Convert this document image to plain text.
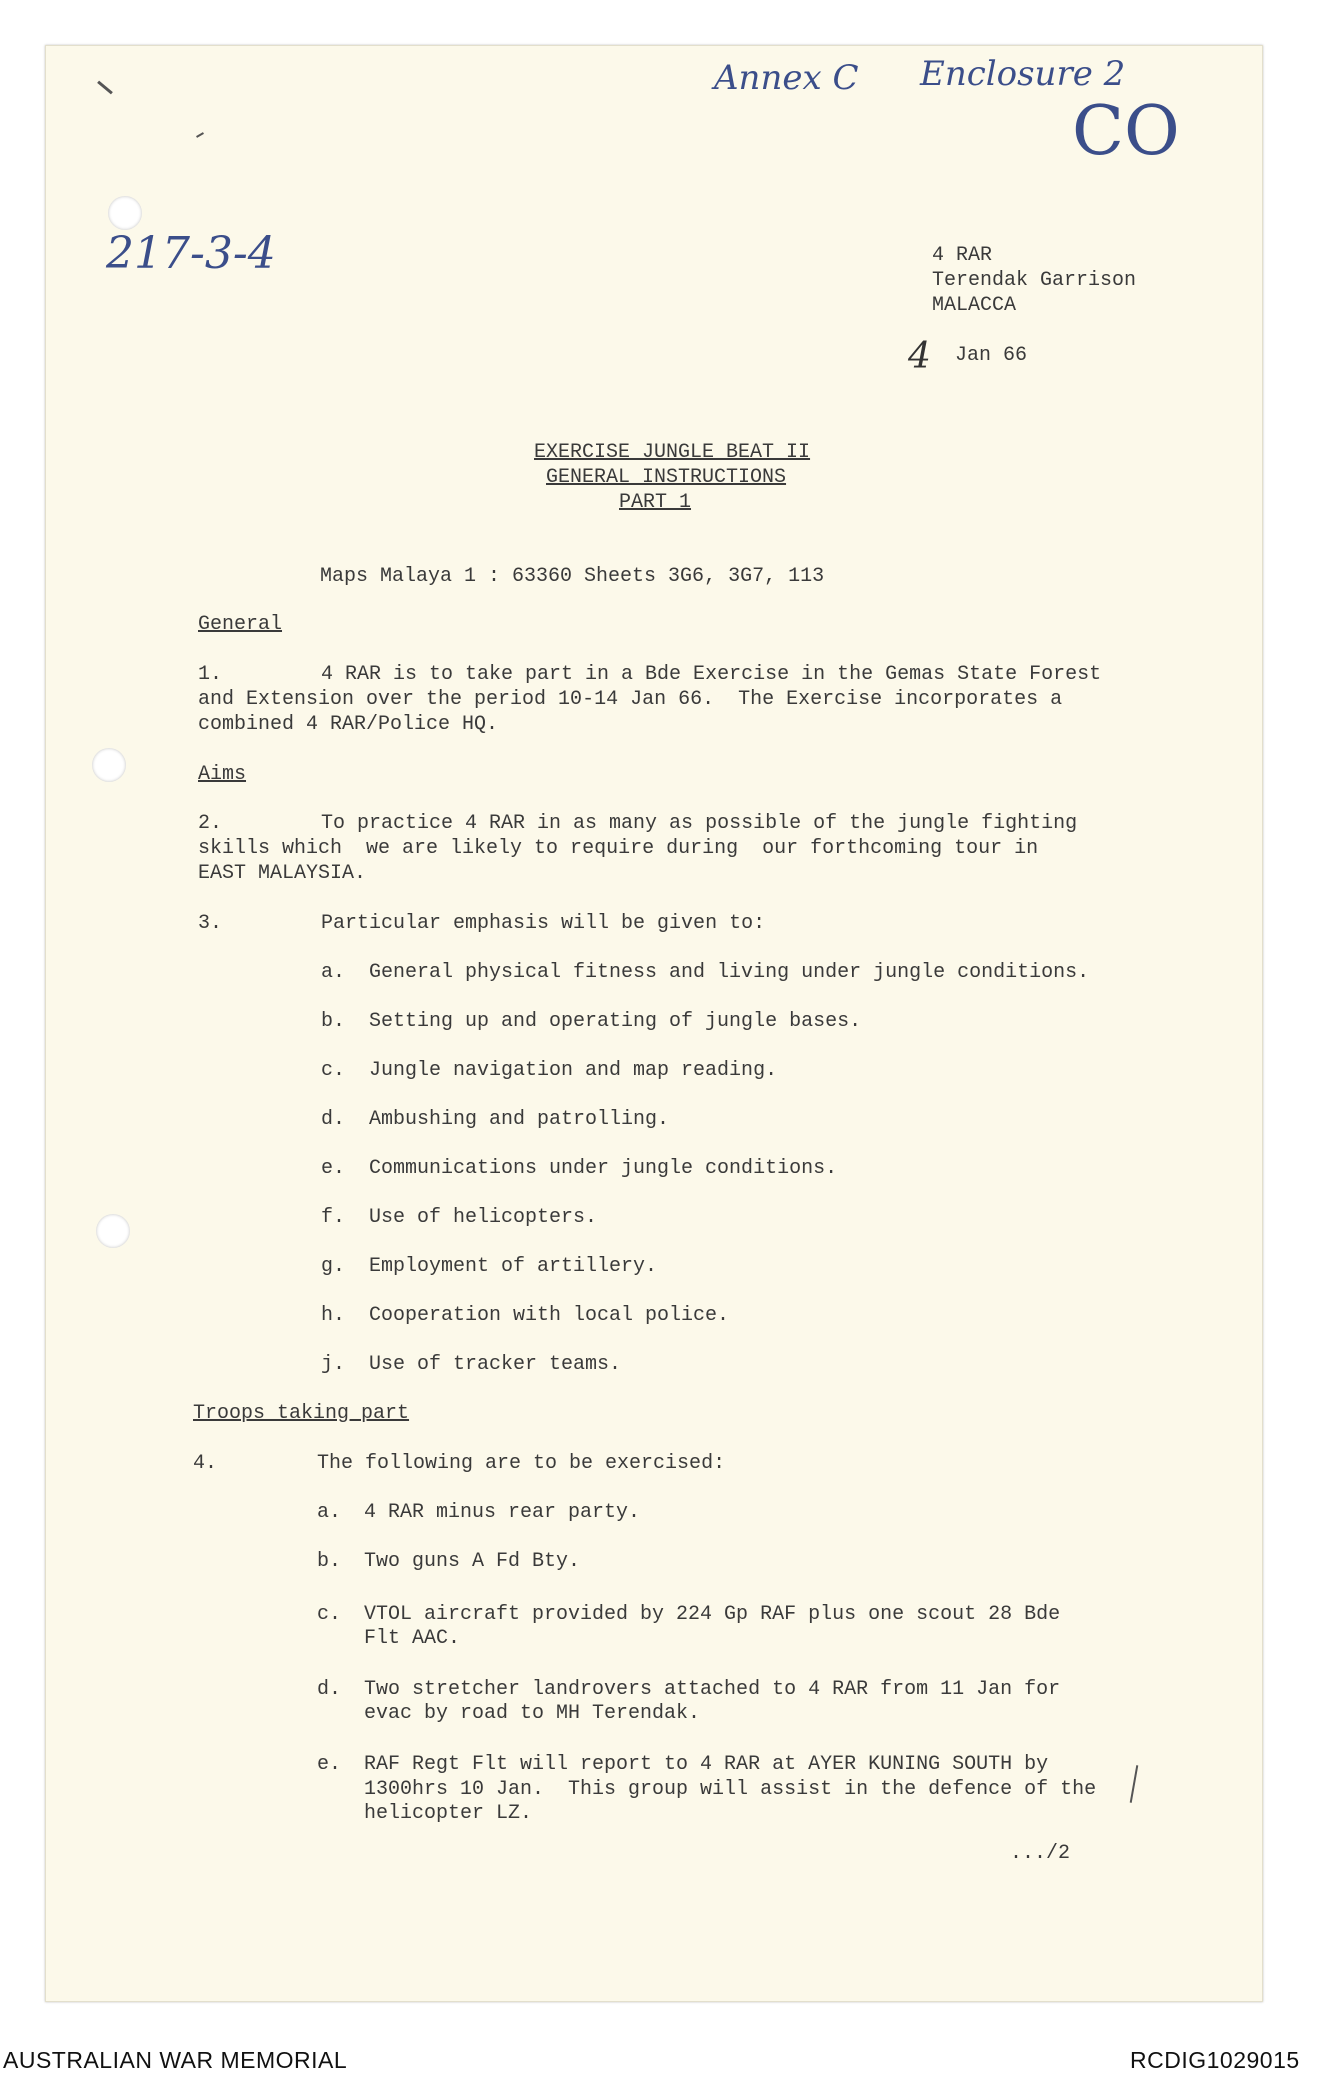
Annex C Enclosure 2
CO
217-3-4
4
4 RAR
Terendak Garrison
MALACCA
Jan 66
EXERCISE JUNGLE BEAT II
GENERAL INSTRUCTIONS
PART 1
Maps Malaya 1 : 63360 Sheets 3G6, 3G7, 113
General
1.	4 RAR is to take part in a Bde Exercise in the Gemas State Forest
and Extension over the period 10-14 Jan 66.  The Exercise incorporates a
combined 4 RAR/Police HQ.
Aims
2.	To practice 4 RAR in as many as possible of the jungle fighting
skills which  we are likely to require during  our forthcoming tour in
EAST MALAYSIA.
3.	Particular emphasis will be given to:
a. General physical fitness and living under jungle conditions.
b. Setting up and operating of jungle bases.
c. Jungle navigation and map reading.
d. Ambushing and patrolling.
e. Communications under jungle conditions.
f. Use of helicopters.
g. Employment of artillery.
h. Cooperation with local police.
j. Use of tracker teams.
Troops taking part
4.	The following are to be exercised:
a. 4 RAR minus rear party.
b. Two guns A Fd Bty.
c. VTOL aircraft provided by 224 Gp RAF plus one scout 28 Bde
Flt AAC.
d. Two stretcher landrovers attached to 4 RAR from 11 Jan for
evac by road to MH Terendak.
e. RAF Regt Flt will report to 4 RAR at AYER KUNING SOUTH by
1300hrs 10 Jan.  This group will assist in the defence of the
helicopter LZ.
.../2
AUSTRALIAN WAR MEMORIAL	RCDIG1029015
